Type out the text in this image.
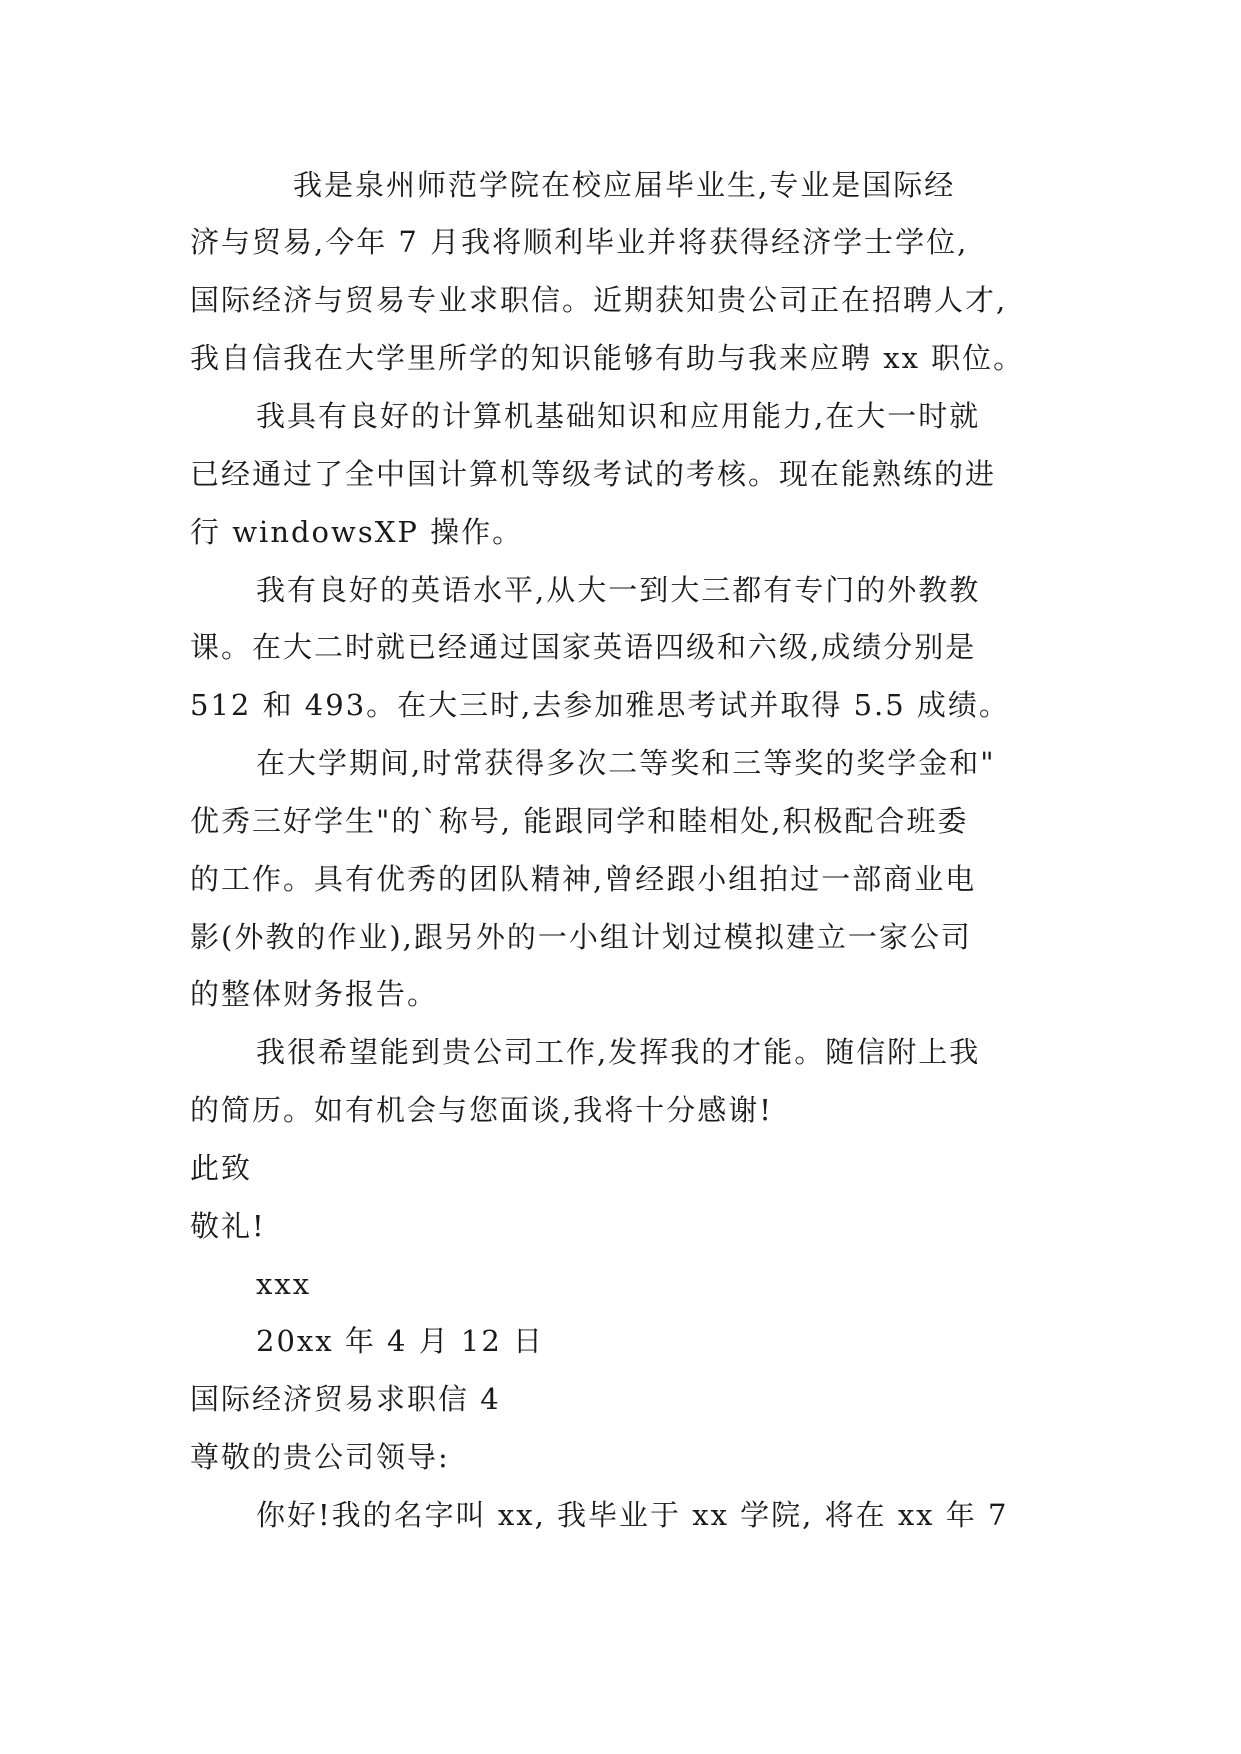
我是泉州师范学院在校应届毕业生,专业是国际经

济与贸易,今年 7 月我将顺利毕业并将获得经济学士学位,

国际经济与贸易专业求职信。近期获知贵公司正在招聘人才,

我自信我在大学里所学的知识能够有助与我来应聘 xx 职位。

我具有良好的计算机基础知识和应用能力,在大一时就

已经通过了全中国计算机等级考试的考核。现在能熟练的进

行 windowsXP 操作。

我有良好的英语水平,从大一到大三都有专门的外教教

课。在大二时就已经通过国家英语四级和六级,成绩分别是

512 和 493。在大三时,去参加雅思考试并取得 5.5 成绩。

在大学期间,时常获得多次二等奖和三等奖的奖学金和"

优秀三好学生"的`称号, 能跟同学和睦相处,积极配合班委

的工作。具有优秀的团队精神,曾经跟小组拍过一部商业电

影(外教的作业),跟另外的一小组计划过模拟建立一家公司

的整体财务报告。

我很希望能到贵公司工作,发挥我的才能。随信附上我

的简历。如有机会与您面谈,我将十分感谢!

此致

敬礼!

xxx

20xx 年 4 月 12 日

国际经济贸易求职信 4

尊敬的贵公司领导:

你好!我的名字叫 xx, 我毕业于 xx 学院, 将在 xx 年 7
